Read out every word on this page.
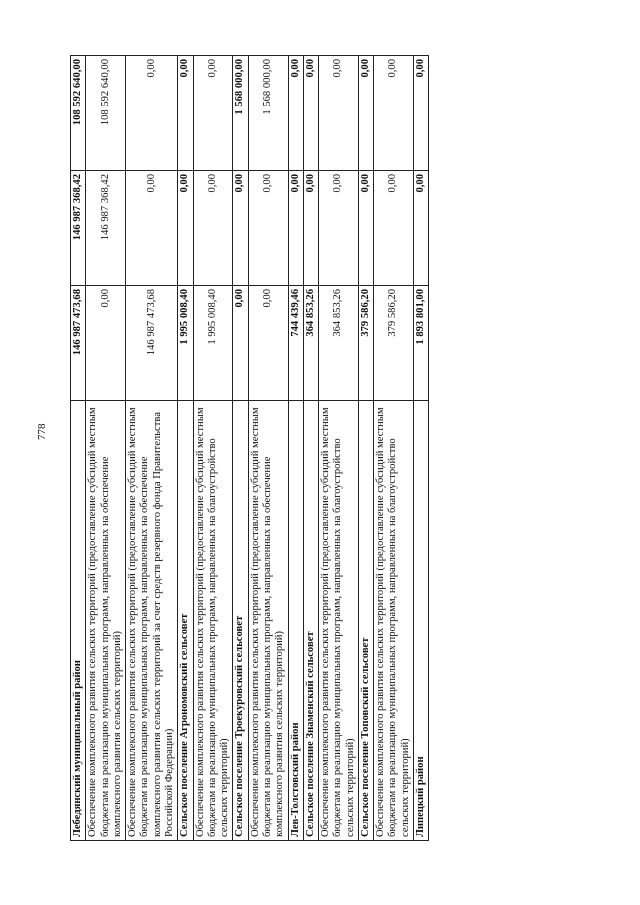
778
Лебедянский муниципальный район	146 987 473,68	146 987 368,42	108 592 640,00
Обеспечение комплексного развития сельских территорий (предоставление субсидий местным бюджетам на реализацию муниципальных программ, направленных на обеспечение комплексного развития сельских территорий)	0,00	146 987 368,42	108 592 640,00
Обеспечение комплексного развития сельских территорий (предоставление субсидий местным бюджетам на реализацию муниципальных программ, направленных на обеспечение комплексного развития сельских территорий за счет средств резервного фонда Правительства Российской Федерации)	146 987 473,68	0,00	0,00
Сельское поселение Агрономовский сельсовет	1 995 008,40	0,00	0,00
Обеспечение комплексного развития сельских территорий (предоставление субсидий местным бюджетам на реализацию муниципальных программ, направленных на благоустройство сельских территорий)	1 995 008,40	0,00	0,00
Сельское поселение Троекуровский сельсовет	0,00	0,00	1 568 000,00
Обеспечение комплексного развития сельских территорий (предоставление субсидий местным бюджетам на реализацию муниципальных программ, направленных на обеспечение комплексного развития сельских территорий)	0,00	0,00	1 568 000,00
Лев-Толстовский район	744 439,46	0,00	0,00
Сельское поселение Знаменский сельсовет	364 853,26	0,00	0,00
Обеспечение комплексного развития сельских территорий (предоставление субсидий местным бюджетам на реализацию муниципальных программ, направленных на благоустройство сельских территорий)	364 853,26	0,00	0,00
Сельское поселение Топовский сельсовет	379 586,20	0,00	0,00
Обеспечение комплексного развития сельских территорий (предоставление субсидий местным бюджетам на реализацию муниципальных программ, направленных на благоустройство сельских территорий)	379 586,20	0,00	0,00
Липецкий район	1 893 801,00	0,00	0,00
